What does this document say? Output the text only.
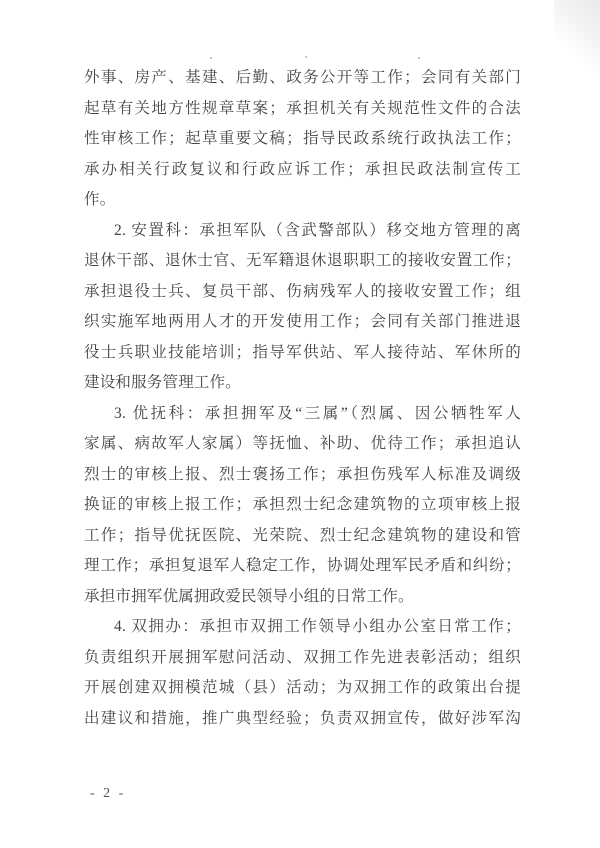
外事、房产、基建、后勤、政务公开等工作；会同有关部门
起草有关地方性规章草案；承担机关有关规范性文件的合法
性审核工作；起草重要文稿；指导民政系统行政执法工作；
承办相关行政复议和行政应诉工作；承担民政法制宣传工
作。
2. 安置科：承担军队（含武警部队）移交地方管理的离
退休干部、退休士官、无军籍退休退职职工的接收安置工作；
承担退役士兵、复员干部、伤病残军人的接收安置工作；组
织实施军地两用人才的开发使用工作；会同有关部门推进退
役士兵职业技能培训；指导军供站、军人接待站、军休所的
建设和服务管理工作。
3. 优抚科：承担拥军及“三属”（烈属、因公牺牲军人
家属、病故军人家属）等抚恤、补助、优待工作；承担追认
烈士的审核上报、烈士褒扬工作；承担伤残军人标准及调级
换证的审核上报工作；承担烈士纪念建筑物的立项审核上报
工作；指导优抚医院、光荣院、烈士纪念建筑物的建设和管
理工作；承担复退军人稳定工作，协调处理军民矛盾和纠纷；
承担市拥军优属拥政爱民领导小组的日常工作。
4. 双拥办：承担市双拥工作领导小组办公室日常工作；
负责组织开展拥军慰问活动、双拥工作先进表彰活动；组织
开展创建双拥模范城（县）活动；为双拥工作的政策出台提
出建议和措施，推广典型经验；负责双拥宣传，做好涉军沟
- 2 -
